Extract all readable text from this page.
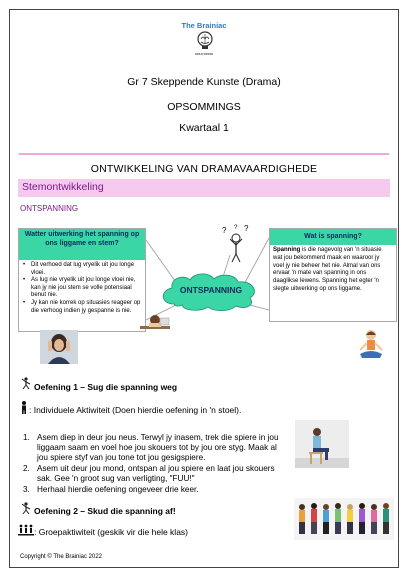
The Brainiac
EDUCATION
Gr 7 Skeppende Kunste (Drama)
OPSOMMINGS
Kwartaal 1
ONTWIKKELING VAN DRAMAVAARDIGHEDE
Stemontwikkeling
ONTSPANNING
Watter uitwerking het spanning op ons liggame en stem?
• Dit verhoed dat lug vryelik uit jou longe vloei.
• As lug nie vryelik uit jou longe vloei nie, kan jy nie jou stem se volle potensiaal benut nie.
• Jy kan nie korrek op situasies reageer op die verhoog indien jy gespanne is nie.
ONTSPANNING
? ?
?
Wat is spanning?

Spanning is die nagevolg van 'n situasie wat jou bekommerd maak en waaroor jy voel jy nie beheer het nie. Almal van ons ervaar 'n mate van spanning in ons daaglikse lewens. Spanning het egter 'n slegte uitwerking op ons liggame.

Oefening 1 – Sug die spanning weg
: Individuele Aktiwiteit (Doen hierdie oefening in 'n stoel).
1. Asem diep in deur jou neus. Terwyl jy inasem, trek die spiere in jou liggaam saam en voel hoe jou skouers tot by jou ore styg. Maak al jou spiere styf van jou tone tot jou gesigspiere.
2. Asem uit deur jou mond, ontspan al jou spiere en laat jou skouers sak. Gee 'n groot sug van verligting, "FUU!"
3. Herhaal hierdie oefening ongeveer drie keer.
Oefening 2 – Skud die spanning af!
: Groepaktiwiteit (geskik vir die hele klas)
Copyright © The Brainiac 2022
